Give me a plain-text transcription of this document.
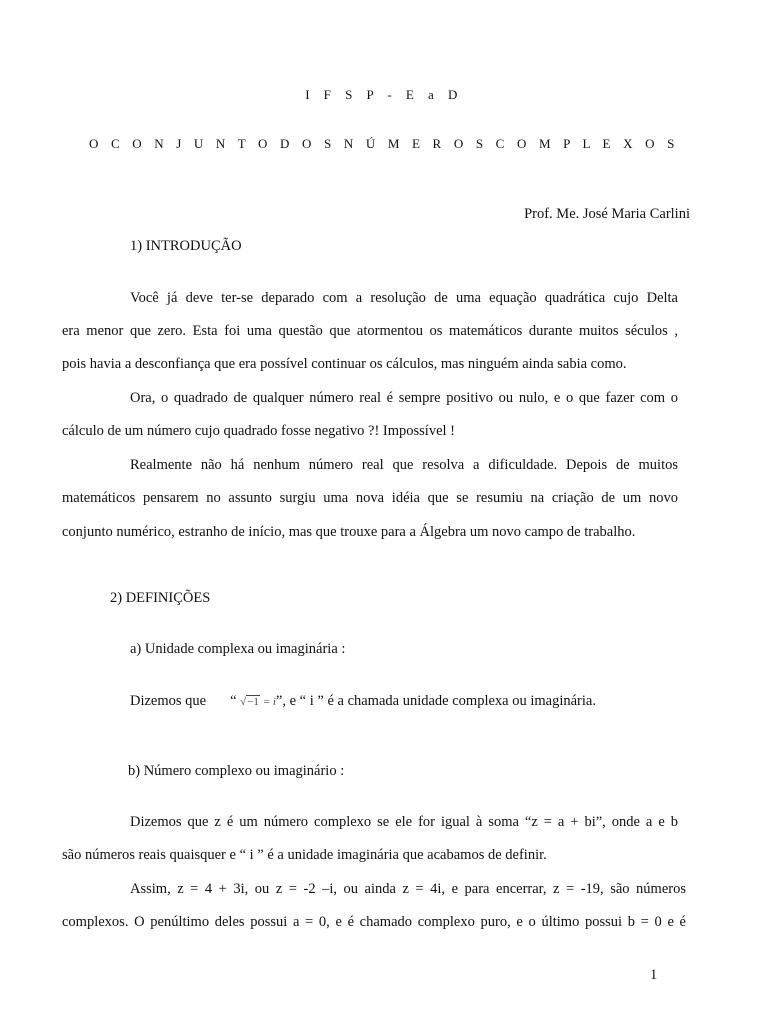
I F S P - E a D
O C O N J U N T O D O S N Ú M E R O S C O M P L E X O S
Prof. Me. José Maria Carlini
1) INTRODUÇÃO
Você já deve ter-se deparado com a resolução de uma equação quadrática cujo Delta
era menor que zero. Esta foi uma questão que atormentou os matemáticos durante muitos séculos ,
pois havia a desconfiança que era possível continuar os cálculos, mas ninguém ainda sabia como.
Ora, o quadrado de qualquer número real é sempre positivo ou nulo, e o que fazer com o
cálculo de um número cujo quadrado fosse negativo ?! Impossível !
Realmente não há nenhum número real que resolva a dificuldade. Depois de muitos
matemáticos pensarem no assunto surgiu uma nova idéia que se resumiu na criação de um novo
conjunto numérico, estranho de início, mas que trouxe para a Álgebra um novo campo de trabalho.
2) DEFINIÇÕES
a) Unidade complexa ou imaginária :
Dizemos que “ √−1 = i”, e “ i ” é a chamada unidade complexa ou imaginária.
b) Número complexo ou imaginário :
Dizemos que z é um número complexo se ele for igual à soma “z = a + bi”, onde a e b
são números reais quaisquer e “ i ” é a unidade imaginária que acabamos de definir.
Assim, z = 4 + 3i, ou z = -2 –i, ou ainda z = 4i, e para encerrar, z = -19, são números
complexos. O penúltimo deles possui a = 0, e é chamado complexo puro, e o último possui b = 0 e é
1
